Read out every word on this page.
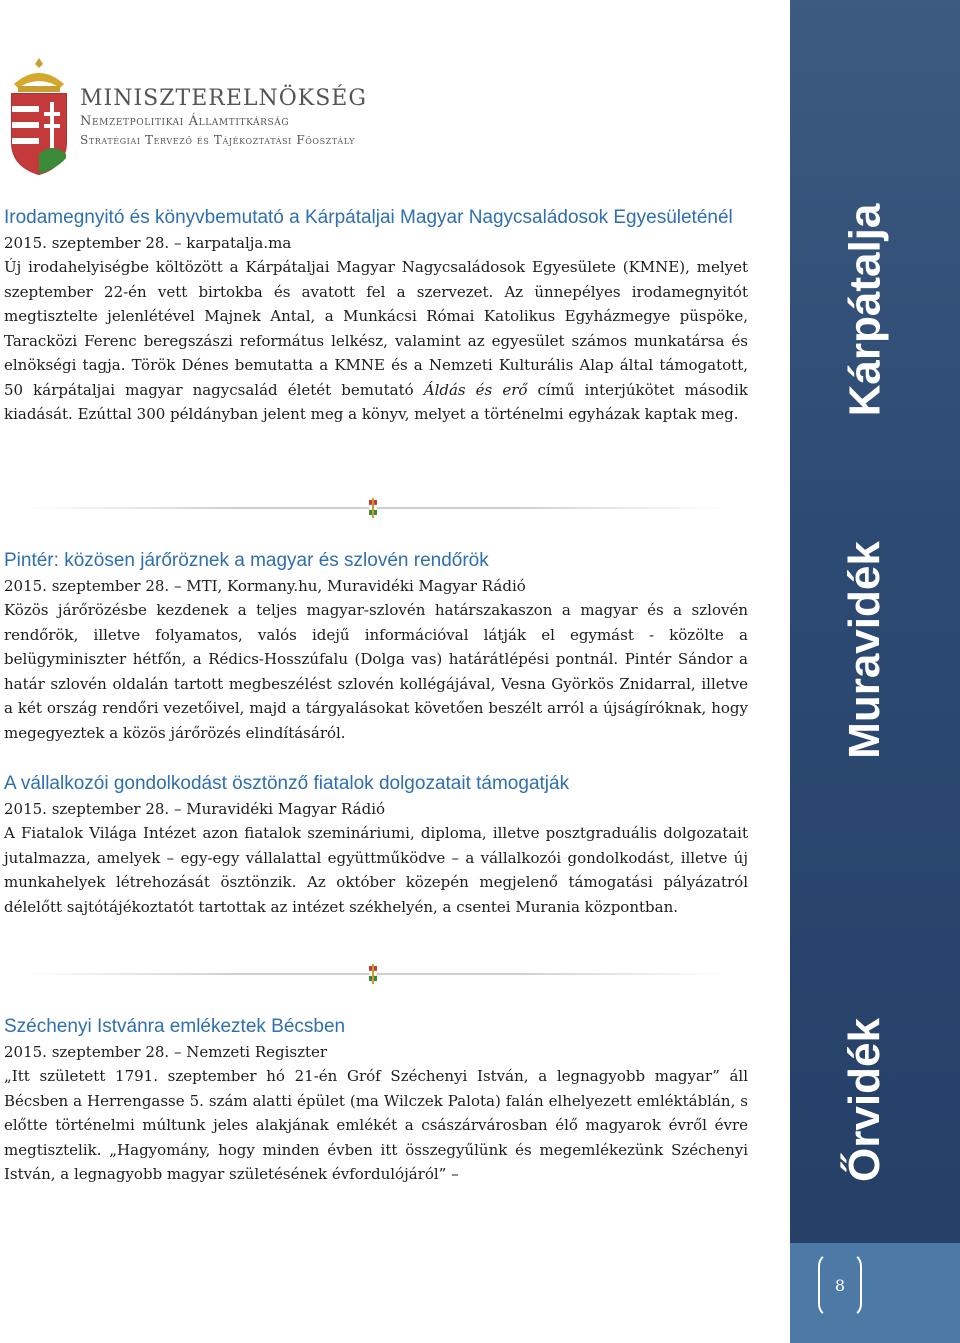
Kárpátalja
Muravidék
Őrvidék
8
MINISZTERELNÖKSÉG
Nemzetpolitikai Államtitkárság
Stratégiai Tervező és Tájékoztatási Főosztály
Irodamegnyitó és könyvbemutató a Kárpátaljai Magyar Nagycsaládosok Egyesületénél
2015. szeptember 28. – karpatalja.ma
Új irodahelyiségbe költözött a Kárpátaljai Magyar Nagycsaládosok Egyesülete (KMNE), melyet szeptember 22-én vett birtokba és avatott fel a szervezet. Az ünnepélyes irodamegnyitót megtisztelte jelenlétével Majnek Antal, a Munkácsi Római Katolikus Egyházmegye püspöke, Taracközi Ferenc beregszászi református lelkész, valamint az egyesület számos munkatársa és elnökségi tagja. Török Dénes bemutatta a KMNE és a Nemzeti Kulturális Alap által támogatott, 50 kárpátaljai magyar nagycsalád életét bemutató Áldás és erő című interjúkötet második kiadását. Ezúttal 300 példányban jelent meg a könyv, melyet a történelmi egyházak kaptak meg.
Pintér: közösen járőröznek a magyar és szlovén rendőrök
2015. szeptember 28. – MTI, Kormany.hu, Muravidéki Magyar Rádió
Közös járőrözésbe kezdenek a teljes magyar-szlovén határszakaszon a magyar és a szlovén rendőrök, illetve folyamatos, valós idejű információval látják el egymást - közölte a belügyminiszter hétfőn, a Rédics-Hosszúfalu (Dolga vas) határátlépési pontnál. Pintér Sándor a határ szlovén oldalán tartott megbeszélést szlovén kollégájával, Vesna Györkös Znidarral, illetve a két ország rendőri vezetőivel, majd a tárgyalásokat követően beszélt arról a újságíróknak, hogy megegyeztek a közös járőrözés elindításáról.
A vállalkozói gondolkodást ösztönző fiatalok dolgozatait támogatják
2015. szeptember 28. – Muravidéki Magyar Rádió
A Fiatalok Világa Intézet azon fiatalok szemináriumi, diploma, illetve posztgraduális dolgozatait jutalmazza, amelyek – egy-egy vállalattal együttműködve – a vállalkozói gondolkodást, illetve új munkahelyek létrehozását ösztönzik. Az október közepén megjelenő támogatási pályázatról délelőtt sajtótájékoztatót tartottak az intézet székhelyén, a csentei Murania központban.
Széchenyi Istvánra emlékeztek Bécsben
2015. szeptember 28. – Nemzeti Regiszter
„Itt született 1791. szeptember hó 21-én Gróf Széchenyi István, a legnagyobb magyar” áll Bécsben a Herrengasse 5. szám alatti épület (ma Wilczek Palota) falán elhelyezett emléktáblán, s előtte történelmi múltunk jeles alakjának emlékét a császárvárosban élő magyarok évről évre megtisztelik. „Hagyomány, hogy minden évben itt összegyűlünk és megemlékezünk Széchenyi István, a legnagyobb magyar születésének évfordulójáról” –
